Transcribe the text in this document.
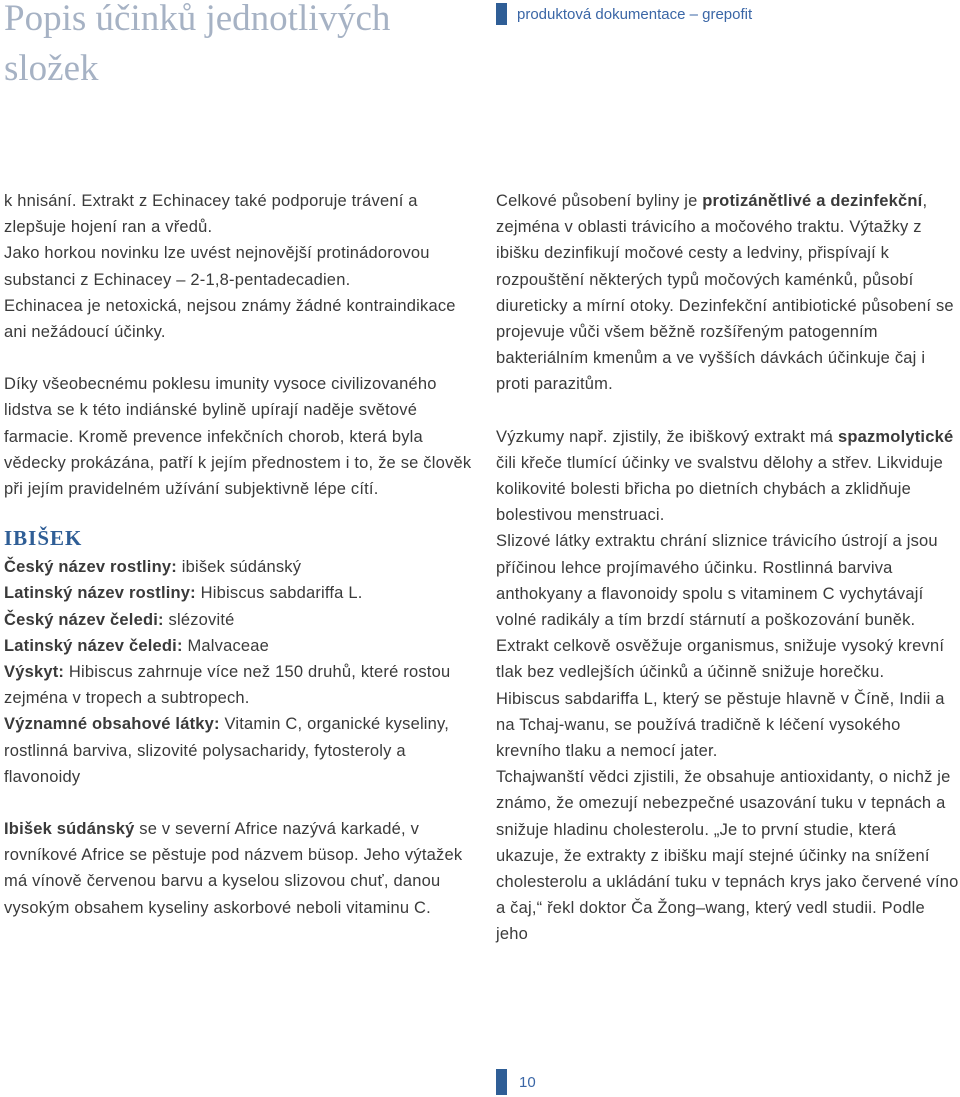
Popis účinků jednotlivých složek
produktová dokumentace – grepofit

k hnisání. Extrakt z Echinacey také podporuje trávení a zlepšuje hojení ran a vředů.

Jako horkou novinku lze uvést nejnovější protinádorovou substanci z Echinacey – 2-1,8-pentadecadien.

Echinacea je netoxická, nejsou známy žádné kontraindikace ani nežádoucí účinky.

Díky všeobecnému poklesu imunity vysoce civilizovaného lidstva se k této indiánské bylině upírají naděje světové farmacie. Kromě prevence infekčních chorob, která byla vědecky prokázána, patří k jejím přednostem i to, že se člověk při jejím pravidelném užívání subjektivně lépe cítí.

IBIŠEK

Český název rostliny: ibišek súdánský

Latinský název rostliny: Hibiscus sabdariffa L.

Český název čeledi: slézovité

Latinský název čeledi: Malvaceae

Výskyt: Hibiscus zahrnuje více než 150 druhů, které rostou zejména v tropech a subtropech.

Významné obsahové látky: Vitamin C, organické kyseliny, rostlinná barviva, slizovité polysacharidy, fytosteroly a flavonoidy

Ibišek súdánský se v severní Africe nazývá karkadé, v rovníkové Africe se pěstuje pod názvem büsop. Jeho výtažek má vínově červenou barvu a kyselou slizovou chuť, danou vysokým obsahem kyseliny askorbové neboli vitaminu C.

Celkové působení byliny je protizánětlivé a dezinfekční, zejména v oblasti trávicího a močového traktu. Výtažky z ibišku dezinfikují močové cesty a ledviny, přispívají k rozpouštění některých typů močových kaménků, působí diureticky a mírní otoky. Dezinfekční antibiotické působení se projevuje vůči všem běžně rozšířeným patogenním bakteriálním kmenům a ve vyšších dávkách účinkuje čaj i proti parazitům.

Výzkumy např. zjistily, že ibiškový extrakt má spazmolytické čili křeče tlumící účinky ve svalstvu dělohy a střev. Likviduje kolikovité bolesti břicha po dietních chybách a zklidňuje bolestivou menstruaci.

Slizové látky extraktu chrání sliznice trávicího ústrojí a jsou příčinou lehce projímavého účinku. Rostlinná barviva anthokyany a flavonoidy spolu s vitaminem C vychytávají volné radikály a tím brzdí stárnutí a poškozování buněk. Extrakt celkově osvěžuje organismus, snižuje vysoký krevní tlak bez vedlejších účinků a účinně snižuje horečku.

Hibiscus sabdariffa L, který se pěstuje hlavně v Číně, Indii a na Tchaj-wanu, se používá tradičně k léčení vysokého krevního tlaku a nemocí jater.

Tchajwanští vědci zjistili, že obsahuje antioxidanty, o nichž je známo, že omezují nebezpečné usazování tuku v tepnách a snižuje hladinu cholesterolu. „Je to první studie, která ukazuje, že extrakty z ibišku mají stejné účinky na snížení cholesterolu a ukládání tuku v tepnách krys jako červené víno a čaj,“ řekl doktor Ča Žong–wang, který vedl studii. Podle jeho

10
